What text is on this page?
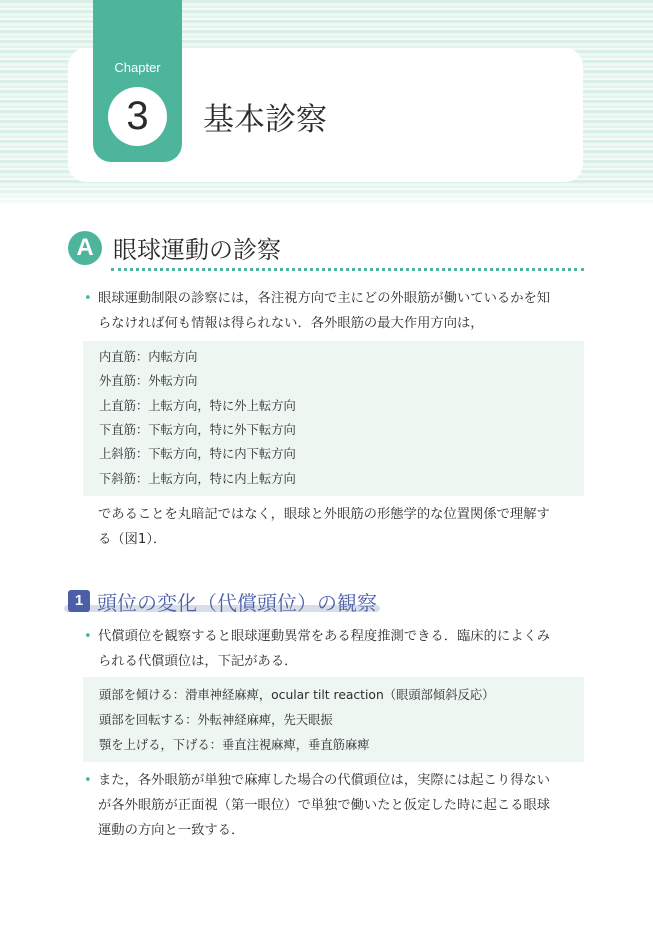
Chapter
3	基本診察
A 眼球運動の診察
• 眼球運動制限の診察には，各注視方向で主にどの外眼筋が働いているかを知
らなければ何も情報は得られない．各外眼筋の最大作用方向は，
内直筋：内転方向
外直筋：外転方向
上直筋：上転方向，特に外上転方向
下直筋：下転方向，特に外下転方向
上斜筋：下転方向，特に内下転方向
下斜筋：上転方向，特に内上転方向
であることを丸暗記ではなく，眼球と外眼筋の形態学的な位置関係で理解す
る（図1）．
1 頭位の変化（代償頭位）の観察
• 代償頭位を観察すると眼球運動異常をある程度推測できる．臨床的によくみ
られる代償頭位は，下記がある．
頭部を傾ける：滑車神経麻痺，ocular tilt reaction（眼頭部傾斜反応）
頭部を回転する：外転神経麻痺，先天眼振
顎を上げる，下げる：垂直注視麻痺，垂直筋麻痺
• また，各外眼筋が単独で麻痺した場合の代償頭位は，実際には起こり得ない
が各外眼筋が正面視（第一眼位）で単独で働いたと仮定した時に起こる眼球
運動の方向と一致する．
